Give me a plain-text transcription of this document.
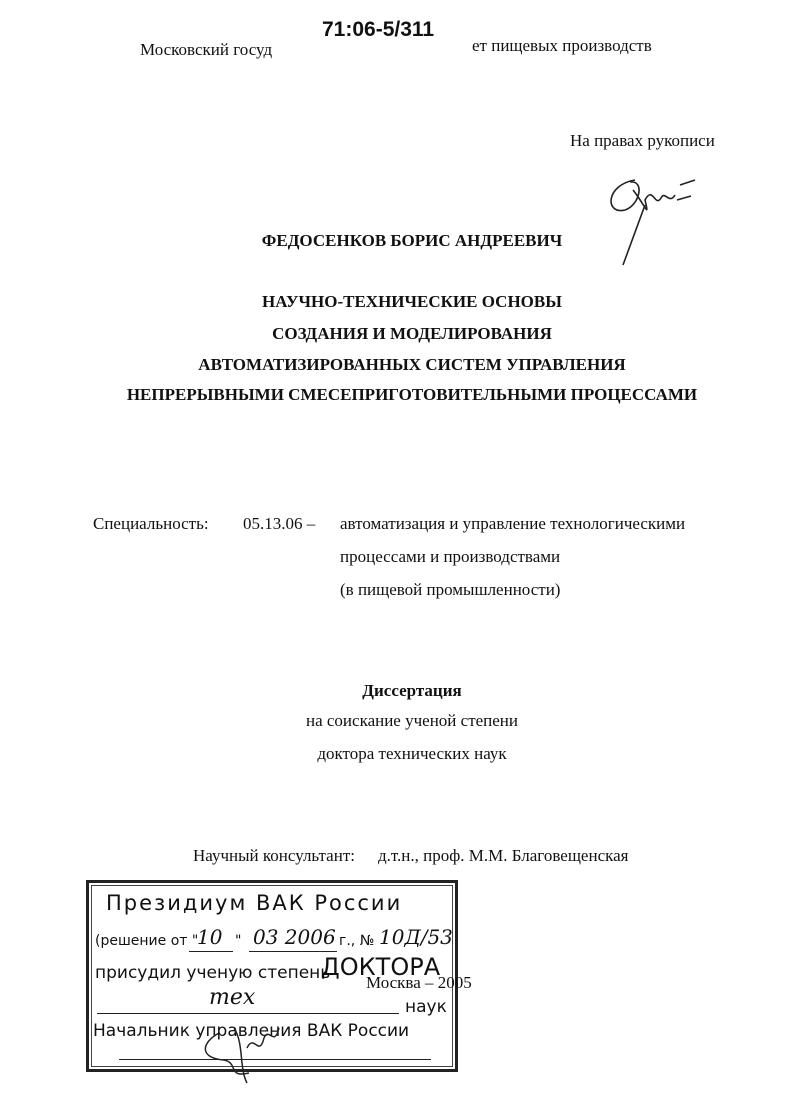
71:06-5/311
Московский госуд	ет пищевых производств
На правах рукописи
ФЕДОСЕНКОВ БОРИС АНДРЕЕВИЧ
НАУЧНО-ТЕХНИЧЕСКИЕ ОСНОВЫ
СОЗДАНИЯ И МОДЕЛИРОВАНИЯ
АВТОМАТИЗИРОВАННЫХ СИСТЕМ УПРАВЛЕНИЯ
НЕПРЕРЫВНЫМИ СМЕСЕПРИГОТОВИТЕЛЬНЫМИ ПРОЦЕССАМИ
Специальность: 05.13.06 – автоматизация и управление технологическими
процессами и производствами
(в пищевой промышленности)
Диссертация
на соискание ученой степени
доктора технических наук
Научный консультант: д.т.н., проф. М.М. Благовещенская
Президиум ВАК России
(решение от "
10 " 03 2006 г., № 10Д/53
присудил ученую степень
ДОКТОРА
тех	наук
Начальник управления ВАК России
Москва – 2005
